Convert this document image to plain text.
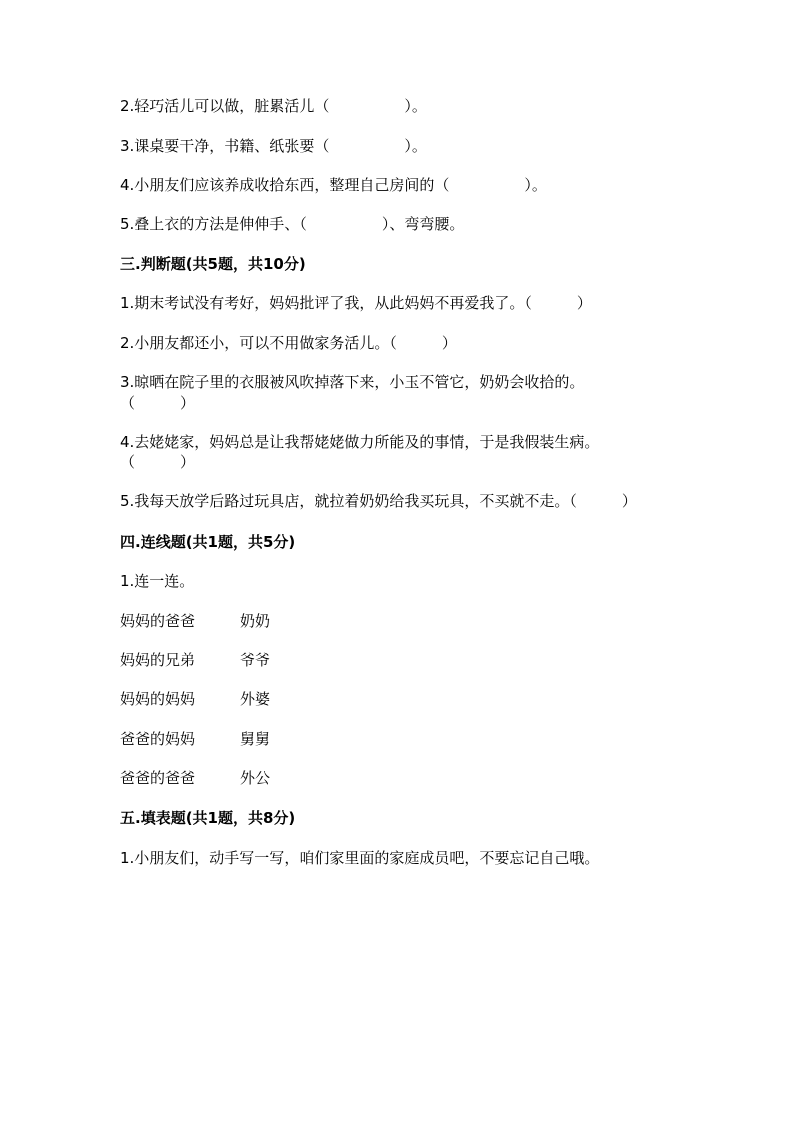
2.轻巧活儿可以做，脏累活儿（　　　　　）。
3.课桌要干净，书籍、纸张要（　　　　　）。
4.小朋友们应该养成收拾东西，整理自己房间的（　　　　　）。
5.叠上衣的方法是伸伸手、（　　　　　）、弯弯腰。
三.判断题(共5题，共10分)
1.期末考试没有考好，妈妈批评了我，从此妈妈不再爱我了。（　　　）
2.小朋友都还小，可以不用做家务活儿。（　　　）
3.晾晒在院子里的衣服被风吹掉落下来，小玉不管它，奶奶会收拾的。
（　　　）
4.去姥姥家，妈妈总是让我帮姥姥做力所能及的事情，于是我假装生病。
（　　　）
5.我每天放学后路过玩具店，就拉着奶奶给我买玩具，不买就不走。（　　　）
四.连线题(共1题，共5分)
1.连一连。
妈妈的爸爸	奶奶
妈妈的兄弟	爷爷
妈妈的妈妈	外婆
爸爸的妈妈	舅舅
爸爸的爸爸	外公
五.填表题(共1题，共8分)
1.小朋友们，动手写一写，咱们家里面的家庭成员吧，不要忘记自己哦。
